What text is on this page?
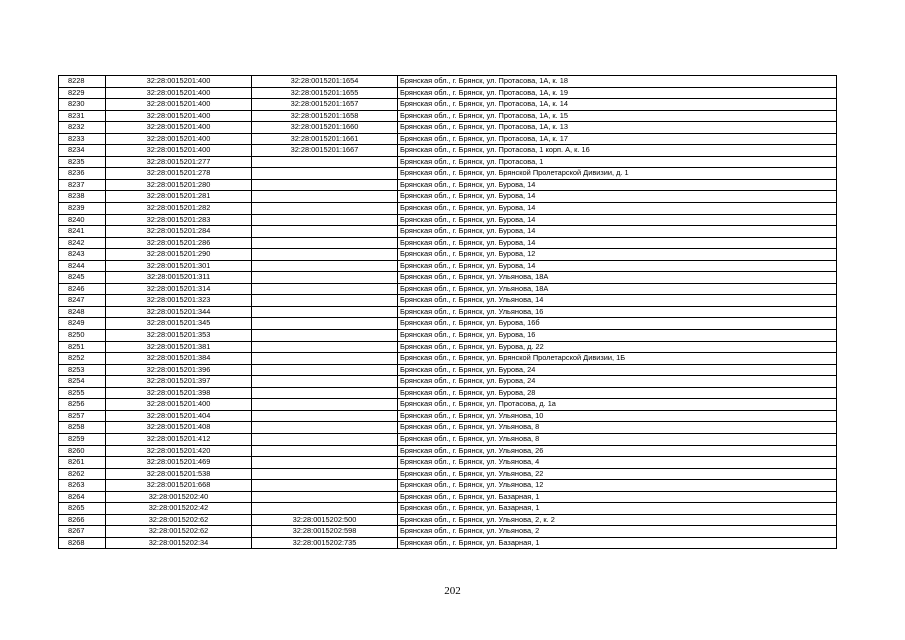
8228	32:28:0015201:400	32:28:0015201:1654	Брянская обл., г. Брянск, ул. Протасова, 1А, к. 18
8229	32:28:0015201:400	32:28:0015201:1655	Брянская обл., г. Брянск, ул. Протасова, 1А, к. 19
8230	32:28:0015201:400	32:28:0015201:1657	Брянская обл., г. Брянск, ул. Протасова, 1А, к. 14
8231	32:28:0015201:400	32:28:0015201:1658	Брянская обл., г. Брянск, ул. Протасова, 1А, к. 15
8232	32:28:0015201:400	32:28:0015201:1660	Брянская обл., г. Брянск, ул. Протасова, 1А, к. 13
8233	32:28:0015201:400	32:28:0015201:1661	Брянская обл., г. Брянск, ул. Протасова, 1А, к. 17
8234	32:28:0015201:400	32:28:0015201:1667	Брянская обл., г. Брянск, ул. Протасова, 1 корп. А, к. 16
8235	32:28:0015201:277		Брянская обл., г. Брянск, ул. Протасова, 1
8236	32:28:0015201:278		Брянская обл., г. Брянск, ул. Брянской Пролетарской Дивизии, д. 1
8237	32:28:0015201:280		Брянская обл., г. Брянск, ул. Бурова, 14
8238	32:28:0015201:281		Брянская обл., г. Брянск, ул. Бурова, 14
8239	32:28:0015201:282		Брянская обл., г. Брянск, ул. Бурова, 14
8240	32:28:0015201:283		Брянская обл., г. Брянск, ул. Бурова, 14
8241	32:28:0015201:284		Брянская обл., г. Брянск, ул. Бурова, 14
8242	32:28:0015201:286		Брянская обл., г. Брянск, ул. Бурова, 14
8243	32:28:0015201:290		Брянская обл., г. Брянск, ул. Бурова, 12
8244	32:28:0015201:301		Брянская обл., г. Брянск, ул. Бурова, 14
8245	32:28:0015201:311		Брянская обл., г. Брянск, ул. Ульянова, 18А
8246	32:28:0015201:314		Брянская обл., г. Брянск, ул. Ульянова, 18А
8247	32:28:0015201:323		Брянская обл., г. Брянск, ул. Ульянова, 14
8248	32:28:0015201:344		Брянская обл., г. Брянск, ул. Ульянова, 16
8249	32:28:0015201:345		Брянская обл., г. Брянск, ул. Бурова, 16б
8250	32:28:0015201:353		Брянская обл., г. Брянск, ул. Бурова, 16
8251	32:28:0015201:381		Брянская обл., г. Брянск, ул. Бурова, д. 22
8252	32:28:0015201:384		Брянская обл., г. Брянск, ул. Брянской Пролетарской Дивизии, 1Б
8253	32:28:0015201:396		Брянская обл., г. Брянск, ул. Бурова, 24
8254	32:28:0015201:397		Брянская обл., г. Брянск, ул. Бурова, 24
8255	32:28:0015201:398		Брянская обл., г. Брянск, ул. Бурова, 28
8256	32:28:0015201:400		Брянская обл., г. Брянск, ул. Протасова, д. 1а
8257	32:28:0015201:404		Брянская обл., г. Брянск, ул. Ульянова, 10
8258	32:28:0015201:408		Брянская обл., г. Брянск, ул. Ульянова, 8
8259	32:28:0015201:412		Брянская обл., г. Брянск, ул. Ульянова, 8
8260	32:28:0015201:420		Брянская обл., г. Брянск, ул. Ульянова, 26
8261	32:28:0015201:469		Брянская обл., г. Брянск, ул. Ульянова, 4
8262	32:28:0015201:538		Брянская обл., г. Брянск, ул. Ульянова, 22
8263	32:28:0015201:668		Брянская обл., г. Брянск, ул. Ульянова, 12
8264	32:28:0015202:40		Брянская обл., г. Брянск, ул. Базарная, 1
8265	32:28:0015202:42		Брянская обл., г. Брянск, ул. Базарная, 1
8266	32:28:0015202:62	32:28:0015202:500	Брянская обл., г. Брянск, ул. Ульянова, 2, к. 2
8267	32:28:0015202:62	32:28:0015202:598	Брянская обл., г. Брянск, ул. Ульянова, 2
8268	32:28:0015202:34	32:28:0015202:735	Брянская обл., г. Брянск, ул. Базарная, 1
202
